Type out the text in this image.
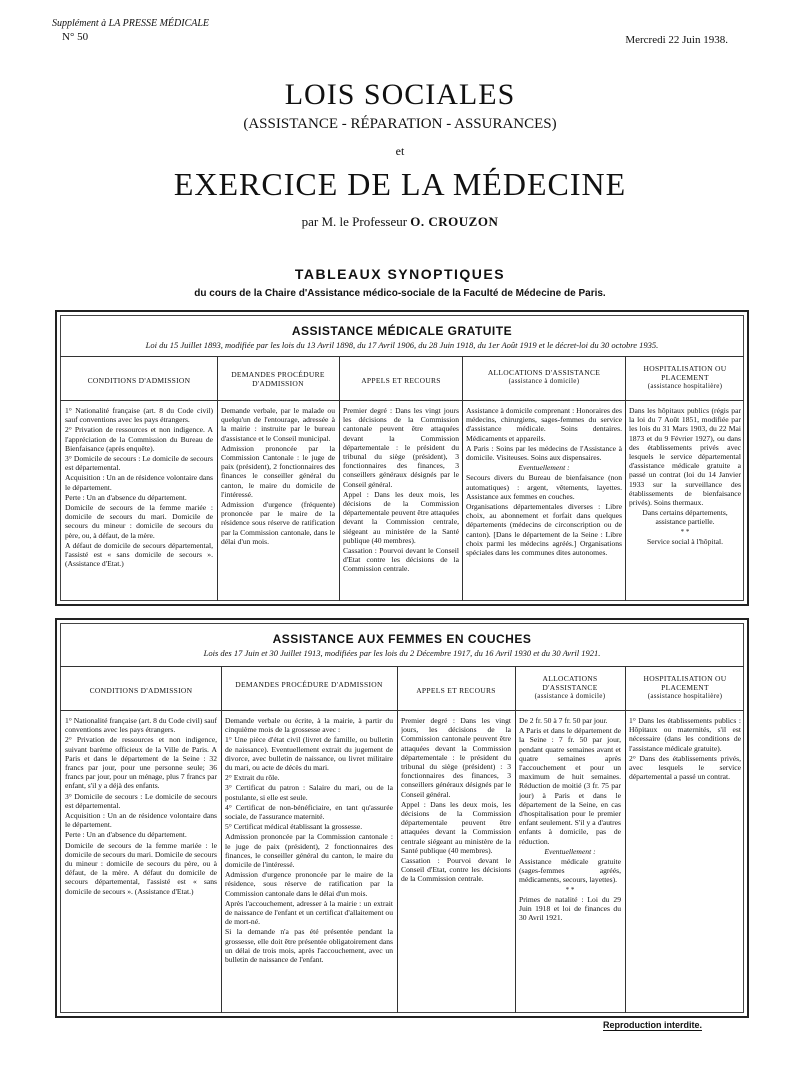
Supplément à LA PRESSE MÉDICALE
N° 50	Mercredi 22 Juin 1938.
LOIS SOCIALES
(ASSISTANCE - RÉPARATION - ASSURANCES)
et
EXERCICE DE LA MÉDECINE
par M. le Professeur O. CROUZON
TABLEAUX SYNOPTIQUES
du cours de la Chaire d'Assistance médico-sociale de la Faculté de Médecine de Paris.
ASSISTANCE MÉDICALE GRATUITE
Loi du 15 Juillet 1893, modifiée par les lois du 13 Avril 1898, du 17 Avril 1906, du 28 Juin 1918, du 1er Août 1919 et le décret-loi du 30 octobre 1935.
CONDITIONS D'ADMISSION
DEMANDES PROCÉDURE D'ADMISSION	APPELS ET RECOURS
ALLOCATIONS D'ASSISTANCE
(assistance à domicile)
HOSPITALISATION OU PLACEMENT
(assistance hospitalière)

1° Nationalité française (art. 8 du Code civil) sauf conventions avec les pays étrangers.

2° Privation de ressources et non indigence. A l'appréciation de la Commission du Bureau de Bienfaisance (après enquête).

3° Domicile de secours : Le domicile de secours est départemental.

Acquisition : Un an de résidence volontaire dans le département.

Perte : Un an d'absence du département.

Domicile de secours de la femme mariée : domicile de secours du mari. Domicile de secours du mineur : domicile de secours du père, ou, à défaut, de la mère.

A défaut de domicile de secours départemental, l'assisté est « sans domicile de secours ». (Assistance d'Etat.)

Demande verbale, par le malade ou quelqu'un de l'entourage, adressée à la mairie : instruite par le bureau d'assistance et le Conseil municipal.

Admission prononcée par la Commission Cantonale : le juge de paix (président), 2 fonctionnaires des finances le conseiller général du canton, le maire du domicile de l'intéressé.

Admission d'urgence (fréquente) prononcée par le maire de la résidence sous réserve de ratification par la Commission cantonale, dans le délai d'un mois.

Premier degré : Dans les vingt jours les décisions de la Commission cantonale peuvent être attaquées devant la Commission départementale : le président du tribunal du siège (président), 3 fonctionnaires des finances, 3 conseillers généraux désignés par le Conseil général.

Appel : Dans les deux mois, les décisions de la Commission départementale peuvent être attaquées devant la Commission centrale, siégeant au ministère de la Santé publique (40 membres).

Cassation : Pourvoi devant le Conseil d'Etat contre les décisions de la Commission centrale.

Assistance à domicile comprenant : Honoraires des médecins, chirurgiens, sages-femmes du service d'assistance médicale. Soins dentaires. Médicaments et appareils.

A Paris : Soins par les médecins de l'Assistance à domicile. Visiteuses. Soins aux dispensaires.

Eventuellement :

Secours divers du Bureau de bienfaisance (non automatiques) : argent, vêtements, layettes. Assistance aux femmes en couches.

Organisations départementales diverses : Libre choix, au abonnement et forfait dans quelques départements (médecins de circonscription ou de canton). [Dans le département de la Seine : Libre choix parmi les médecins agréés.] Organisations spéciales dans les communes dites autonomes.

Dans les hôpitaux publics (régis par la loi du 7 Août 1851, modifiée par les lois du 31 Mars 1903, du 22 Mai 1873 et du 9 Février 1927), ou dans des établissements privés avec lesquels le service départemental d'assistance médicale gratuite a passé un contrat (loi du 14 Janvier 1933 sur la surveillance des établissements de bienfaisance privés). Soins thermaux.

Dans certains départements, assistance partielle.

* *

Service social à l'hôpital.

ASSISTANCE AUX FEMMES EN COUCHES
Lois des 17 Juin et 30 Juillet 1913, modifiées par les lois du 2 Décembre 1917, du 16 Avril 1930 et du 30 Avril 1921.
CONDITIONS D'ADMISSION
DEMANDES PROCÉDURE D'ADMISSION
APPELS ET RECOURS
ALLOCATIONS D'ASSISTANCE
(assistance à domicile)
HOSPITALISATION OU PLACEMENT
(assistance hospitalière)

1° Nationalité française (art. 8 du Code civil) sauf conventions avec les pays étrangers.

2° Privation de ressources et non indigence, suivant barème officieux de la Ville de Paris. A Paris et dans le département de la Seine : 32 francs par jour, pour une personne seule; 36 francs par jour, pour un ménage, plus 7 francs par enfant, s'il y a déjà des enfants.

3° Domicile de secours : Le domicile de secours est départemental.

Acquisition : Un an de résidence volontaire dans le département.

Perte : Un an d'absence du département.

Domicile de secours de la femme mariée : le domicile de secours du mari. Domicile de secours du mineur : domicile de secours du père, ou à défaut, de la mère. A défaut du domicile de secours départemental, l'assisté est « sans domicile de secours ». (Assistance d'Etat.)

Demande verbale ou écrite, à la mairie, à partir du cinquième mois de la grossesse avec :

1° Une pièce d'état civil (livret de famille, ou bulletin de naissance). Eventuellement extrait du jugement de divorce, avec bulletin de naissance, ou livret militaire du mari, ou acte de décès du mari.

2° Extrait du rôle.

3° Certificat du patron : Salaire du mari, ou de la postulante, si elle est seule.

4° Certificat de non-bénéficiaire, en tant qu'assurée sociale, de l'assurance maternité.

5° Certificat médical établissant la grossesse.

Admission prononcée par la Commission cantonale : le juge de paix (président), 2 fonctionnaires des finances, le conseiller général du canton, le maire du domicile de l'intéressé.

Admission d'urgence prononcée par le maire de la résidence, sous réserve de ratification par la Commission cantonale dans le délai d'un mois.

Après l'accouchement, adresser à la mairie : un extrait de naissance de l'enfant et un certificat d'allaitement ou de mort-né.

Si la demande n'a pas été présentée pendant la grossesse, elle doit être présentée obligatoirement dans un délai de trois mois, après l'accouchement, avec un bulletin de naissance de l'enfant.

Premier degré : Dans les vingt jours, les décisions de la Commission cantonale peuvent être attaquées devant la Commission départementale : le président du tribunal du siège (président) : 3 fonctionnaires des finances, 3 conseillers généraux désignés par le Conseil général.

Appel : Dans les deux mois, les décisions de la Commission départementale peuvent être attaquées devant la Commission centrale siégeant au ministère de la Santé publique (40 membres).

Cassation : Pourvoi devant le Conseil d'Etat, contre les décisions de la Commission centrale.

De 2 fr. 50 à 7 fr. 50 par jour.

A Paris et dans le département de la Seine : 7 fr. 50 par jour, pendant quatre semaines avant et quatre semaines après l'accouchement et pour un maximum de huit semaines. Réduction de moitié (3 fr. 75 par jour) à Paris et dans le département de la Seine, en cas d'hospitalisation pour le premier enfant seulement. S'il y a d'autres enfants à domicile, pas de réduction.

Eventuellement :

Assistance médicale gratuite (sages-femmes agréés, médicaments, secours, layettes).

* *

Primes de natalité : Loi du 29 Juin 1918 et loi de finances du 30 Avril 1921.

1° Dans les établissements publics : Hôpitaux ou maternités, s'il est nécessaire (dans les conditions de l'assistance médicale gratuite).

2° Dans des établissements privés, avec lesquels le service départemental a passé un contrat.

Reproduction interdite.
